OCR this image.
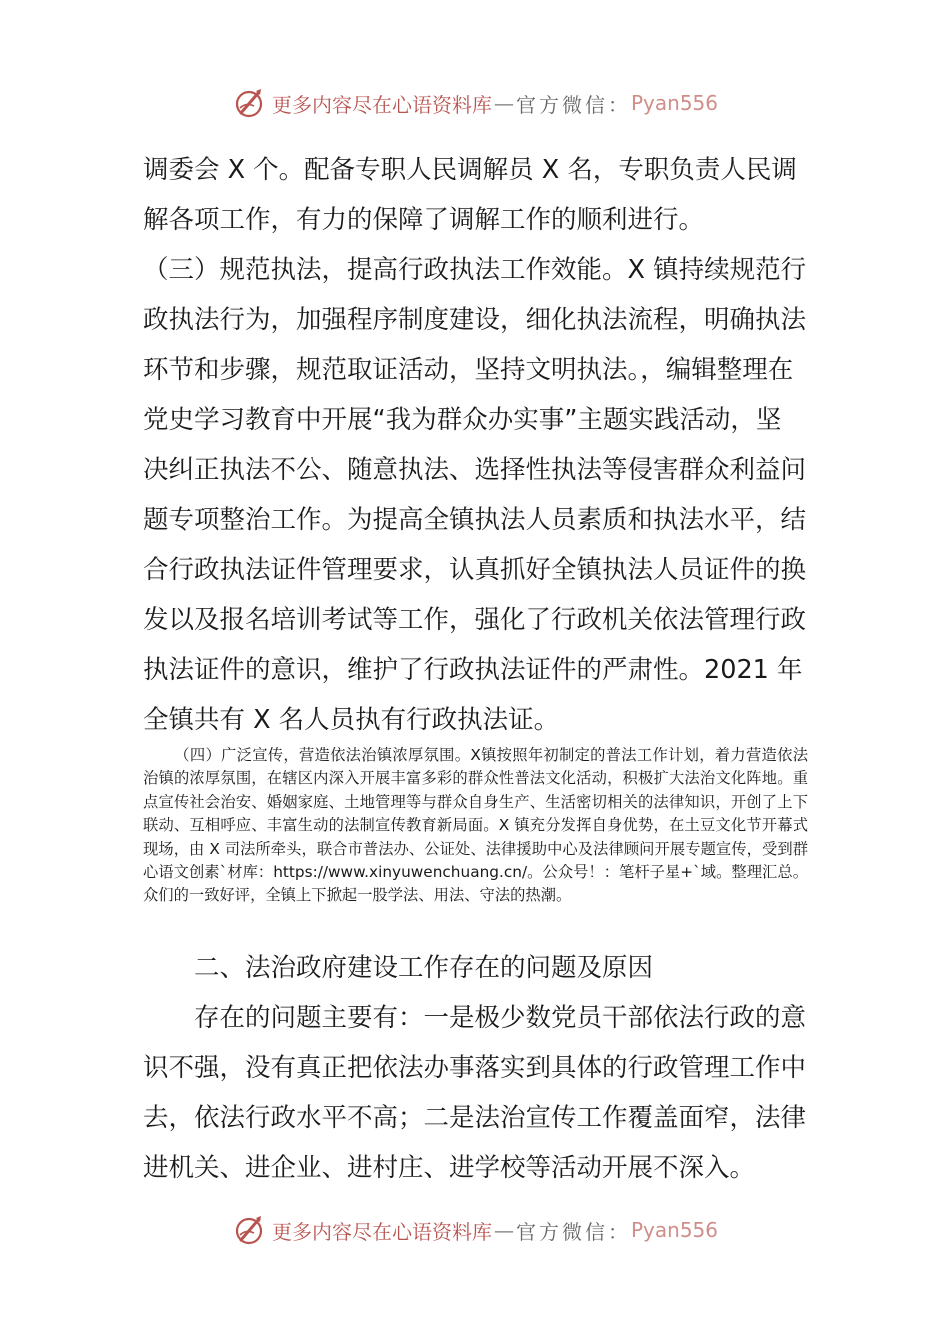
更多内容尽在心语资料库 — 官方微信： Pyan556
调委会 X 个。配备专职人民调解员 X 名，专职负责人民调
解各项工作，有力的保障了调解工作的顺利进行。
（三）规范执法，提高行政执法工作效能。X 镇持续规范行
政执法行为，加强程序制度建设，细化执法流程，明确执法
环节和步骤，规范取证活动，坚持文明执法。，编辑整理在
党史学习教育中开展“我为群众办实事”主题实践活动，坚
决纠正执法不公、随意执法、选择性执法等侵害群众利益问
题专项整治工作。为提高全镇执法人员素质和执法水平，结
合行政执法证件管理要求，认真抓好全镇执法人员证件的换
发以及报名培训考试等工作，强化了行政机关依法管理行政
执法证件的意识，维护了行政执法证件的严肃性。2021 年
全镇共有 X 名人员执有行政执法证。
（四）广泛宣传，营造依法治镇浓厚氛围。X镇按照年初制定的普法工作计划，着力营造依法治镇的浓厚氛围，在辖区内深入开展丰富多彩的群众性普法文化活动，积极扩大法治文化阵地。重点宣传社会治安、婚姻家庭、土地管理等与群众自身生产、生活密切相关的法律知识，开创了上下联动、互相呼应、丰富生动的法制宣传教育新局面。X 镇充分发挥自身优势，在土豆文化节开幕式现场，由 X 司法所牵头，联合市普法办、公证处、法律援助中心及法律顾问开展专题宣传，受到群心语文创素`材库：https://www.xinyuwenchuang.cn/。公众号！：笔杆子星+`域。整理汇总。众们的一致好评，全镇上下掀起一股学法、用法、守法的热潮。
　　二、法治政府建设工作存在的问题及原因
　　存在的问题主要有：一是极少数党员干部依法行政的意
识不强，没有真正把依法办事落实到具体的行政管理工作中
去，依法行政水平不高；二是法治宣传工作覆盖面窄，法律
进机关、进企业、进村庄、进学校等活动开展不深入。
更多内容尽在心语资料库 — 官方微信： Pyan556
